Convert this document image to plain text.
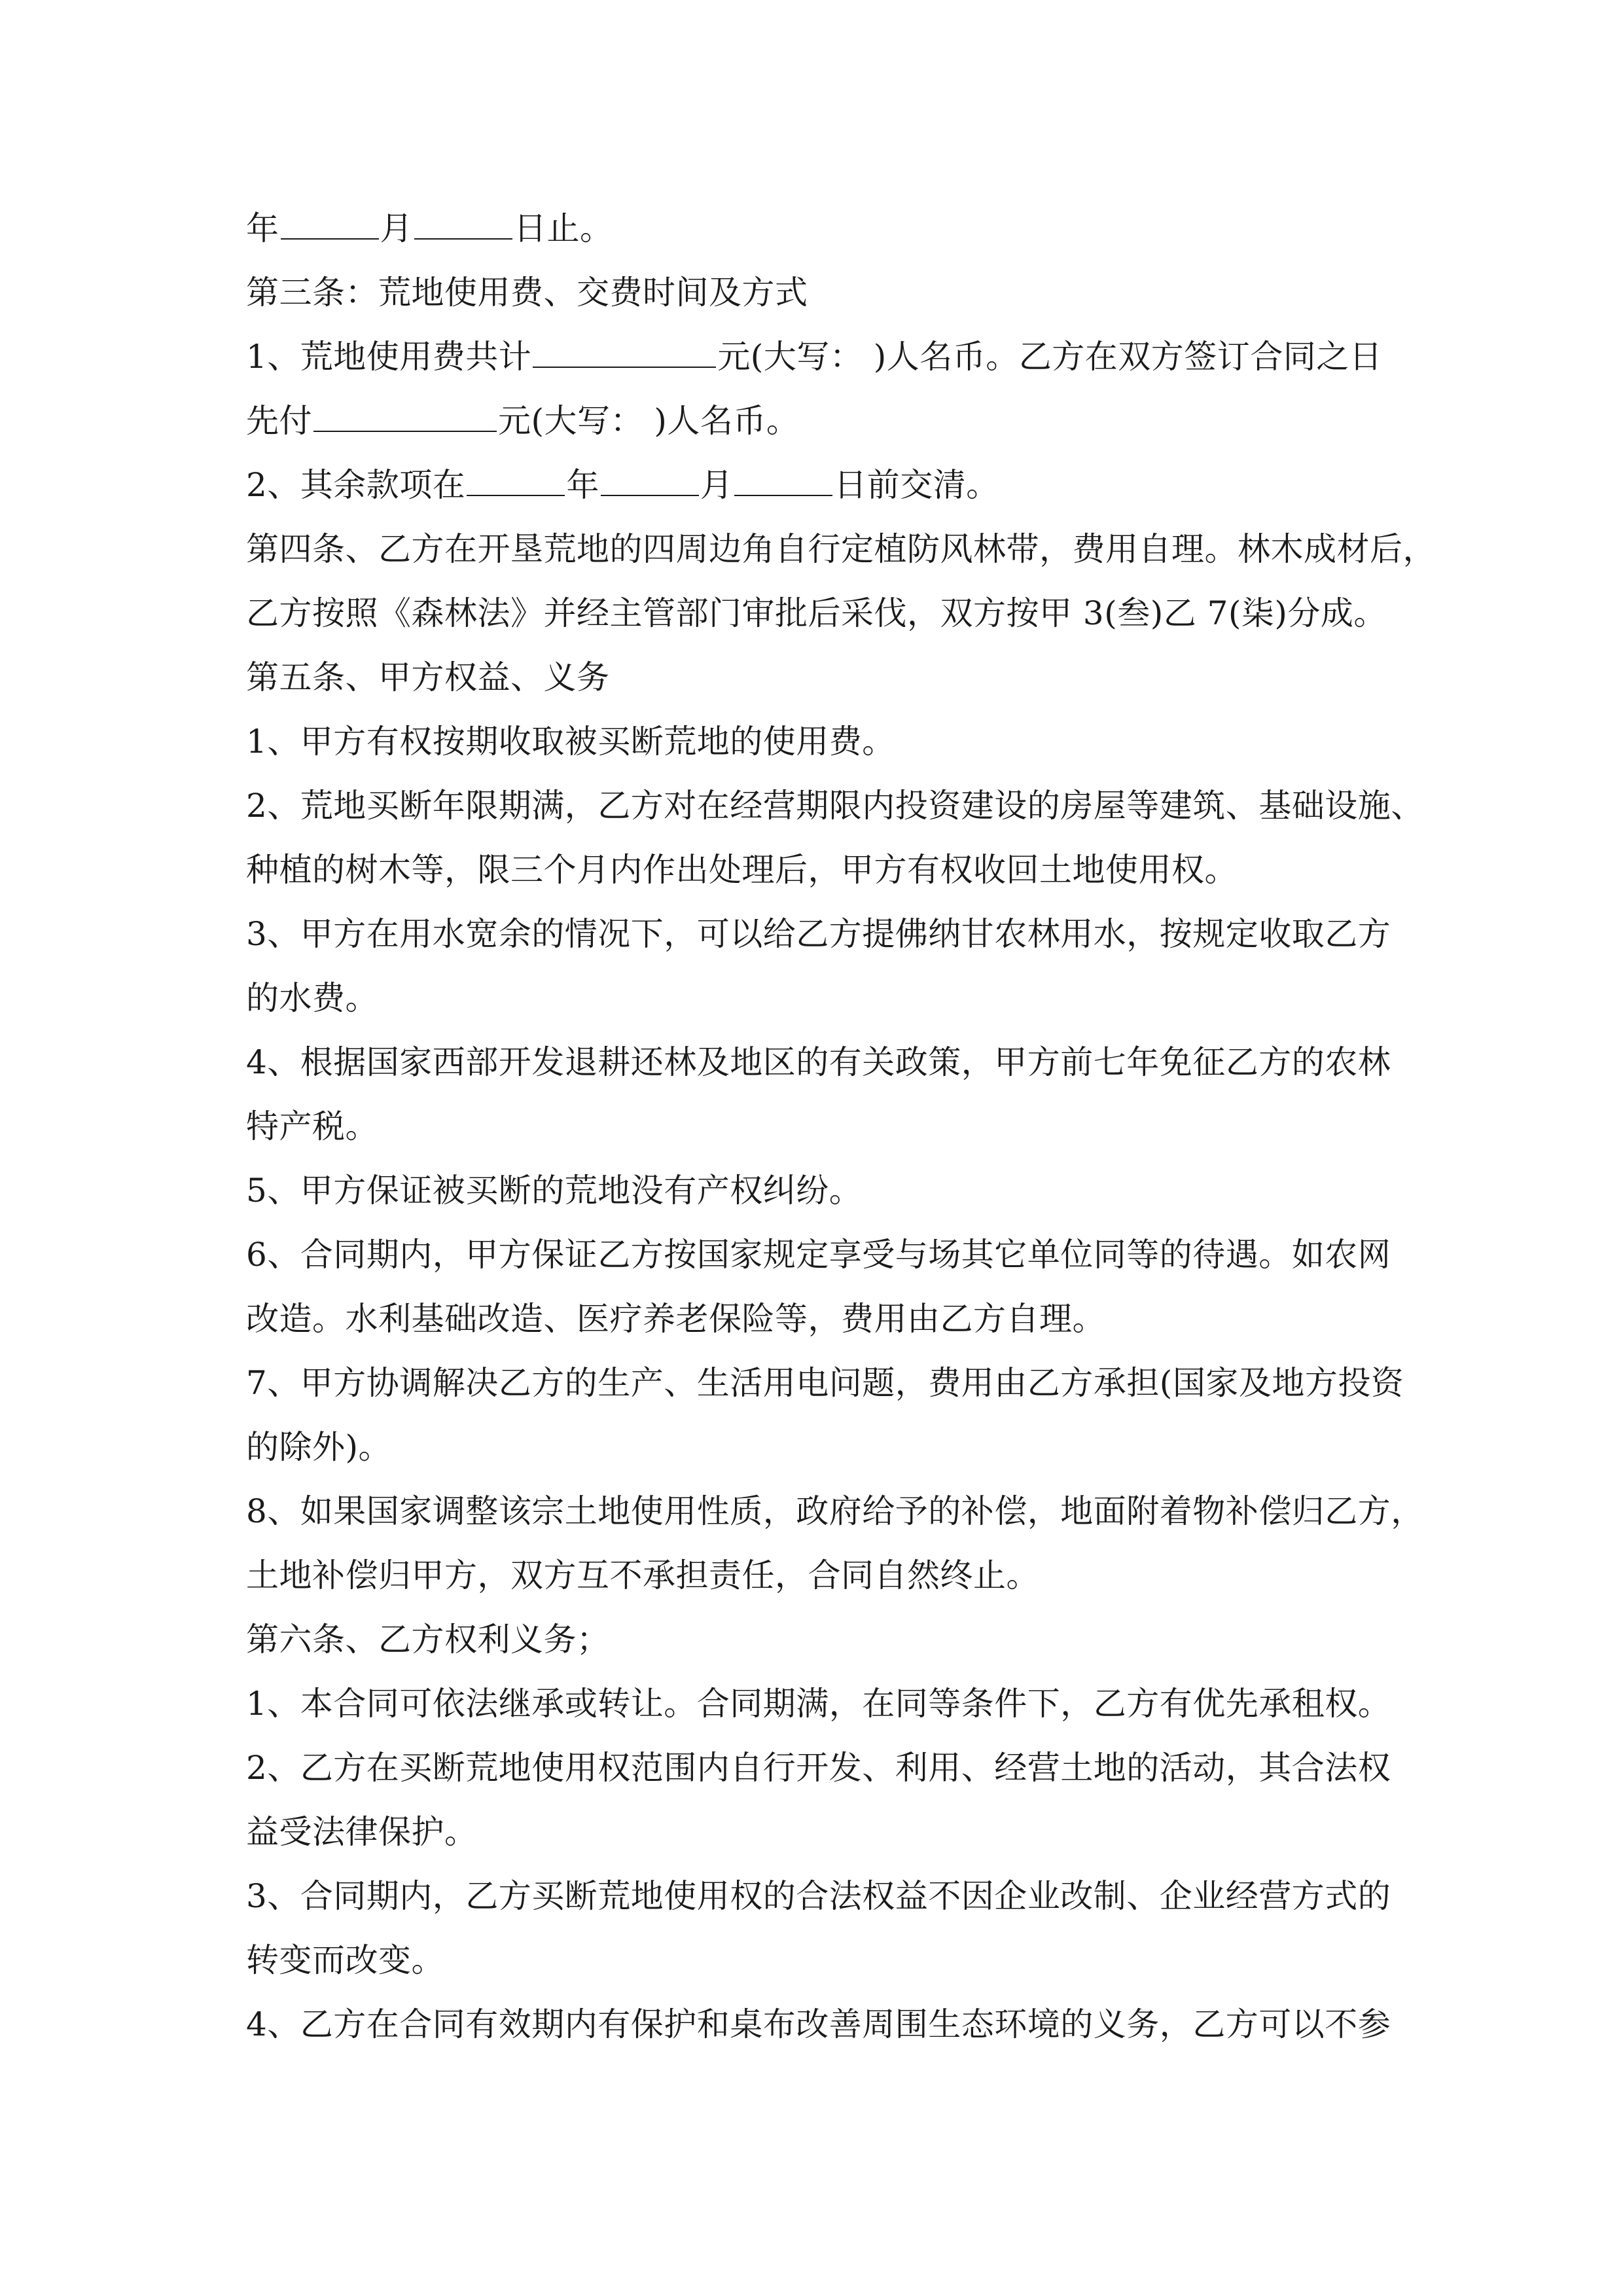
年	月	日止。
第三条：荒地使用费、交费时间及方式
1、荒地使用费共计	元(大写： )人名币。乙方在双方签订合同之日
先付	元(大写： )人名币。
2、其余款项在	年	月	日前交清。
第四条、乙方在开垦荒地的四周边角自行定植防风林带，费用自理。林木成材后，
乙方按照《森林法》并经主管部门审批后采伐，双方按甲 3(叁)乙 7(柒)分成。
第五条、甲方权益、义务
1、甲方有权按期收取被买断荒地的使用费。
2、荒地买断年限期满，乙方对在经营期限内投资建设的房屋等建筑、基础设施、
种植的树木等，限三个月内作出处理后，甲方有权收回土地使用权。
3、甲方在用水宽余的情况下，可以给乙方提佛纳甘农林用水，按规定收取乙方
的水费。
4、根据国家西部开发退耕还林及地区的有关政策，甲方前七年免征乙方的农林
特产税。
5、甲方保证被买断的荒地没有产权纠纷。
6、合同期内，甲方保证乙方按国家规定享受与场其它单位同等的待遇。如农网
改造。水利基础改造、医疗养老保险等，费用由乙方自理。
7、甲方协调解决乙方的生产、生活用电问题，费用由乙方承担(国家及地方投资
的除外)。
8、如果国家调整该宗土地使用性质，政府给予的补偿，地面附着物补偿归乙方，
土地补偿归甲方，双方互不承担责任，合同自然终止。
第六条、乙方权利义务；
1、本合同可依法继承或转让。合同期满，在同等条件下，乙方有优先承租权。
2、乙方在买断荒地使用权范围内自行开发、利用、经营土地的活动，其合法权
益受法律保护。
3、合同期内，乙方买断荒地使用权的合法权益不因企业改制、企业经营方式的
转变而改变。
4、乙方在合同有效期内有保护和桌布改善周围生态环境的义务，乙方可以不参
